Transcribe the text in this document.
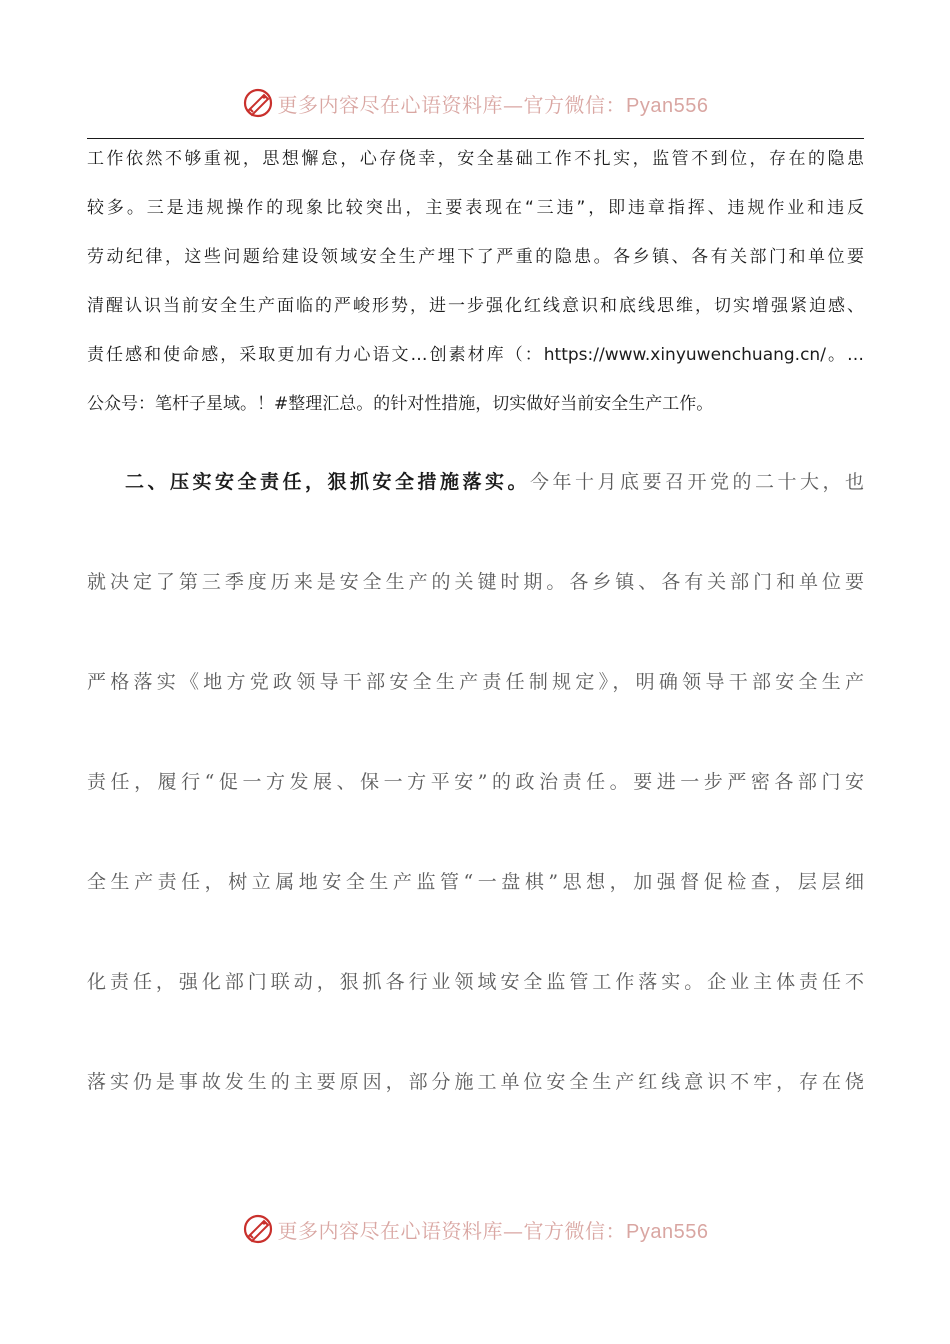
更多内容尽在心语资料库—官方微信：Pyan556
工作依然不够重视，思想懈怠，心存侥幸，安全基础工作不扎实，监管不到位，存在的隐患
较多。三是违规操作的现象比较突出，主要表现在“三违”，即违章指挥、违规作业和违反
劳动纪律，这些问题给建设领域安全生产埋下了严重的隐患。各乡镇、各有关部门和单位要
清醒认识当前安全生产面临的严峻形势，进一步强化红线意识和底线思维，切实增强紧迫感、
责任感和使命感，采取更加有力心语文…创素材库（：https://www.xinyuwenchuang.cn/。…
公众号：笔杆子星域。！#整理汇总。的针对性措施，切实做好当前安全生产工作。
二、压实安全责任，狠抓安全措施落实。今年十月底要召开党的二十大，也
就决定了第三季度历来是安全生产的关键时期。各乡镇、各有关部门和单位要
严格落实《地方党政领导干部安全生产责任制规定》，明确领导干部安全生产
责任，履行“促一方发展、保一方平安”的政治责任。要进一步严密各部门安
全生产责任，树立属地安全生产监管“一盘棋”思想，加强督促检查，层层细
化责任，强化部门联动，狠抓各行业领域安全监管工作落实。企业主体责任不
落实仍是事故发生的主要原因，部分施工单位安全生产红线意识不牢，存在侥
更多内容尽在心语资料库—官方微信：Pyan556
